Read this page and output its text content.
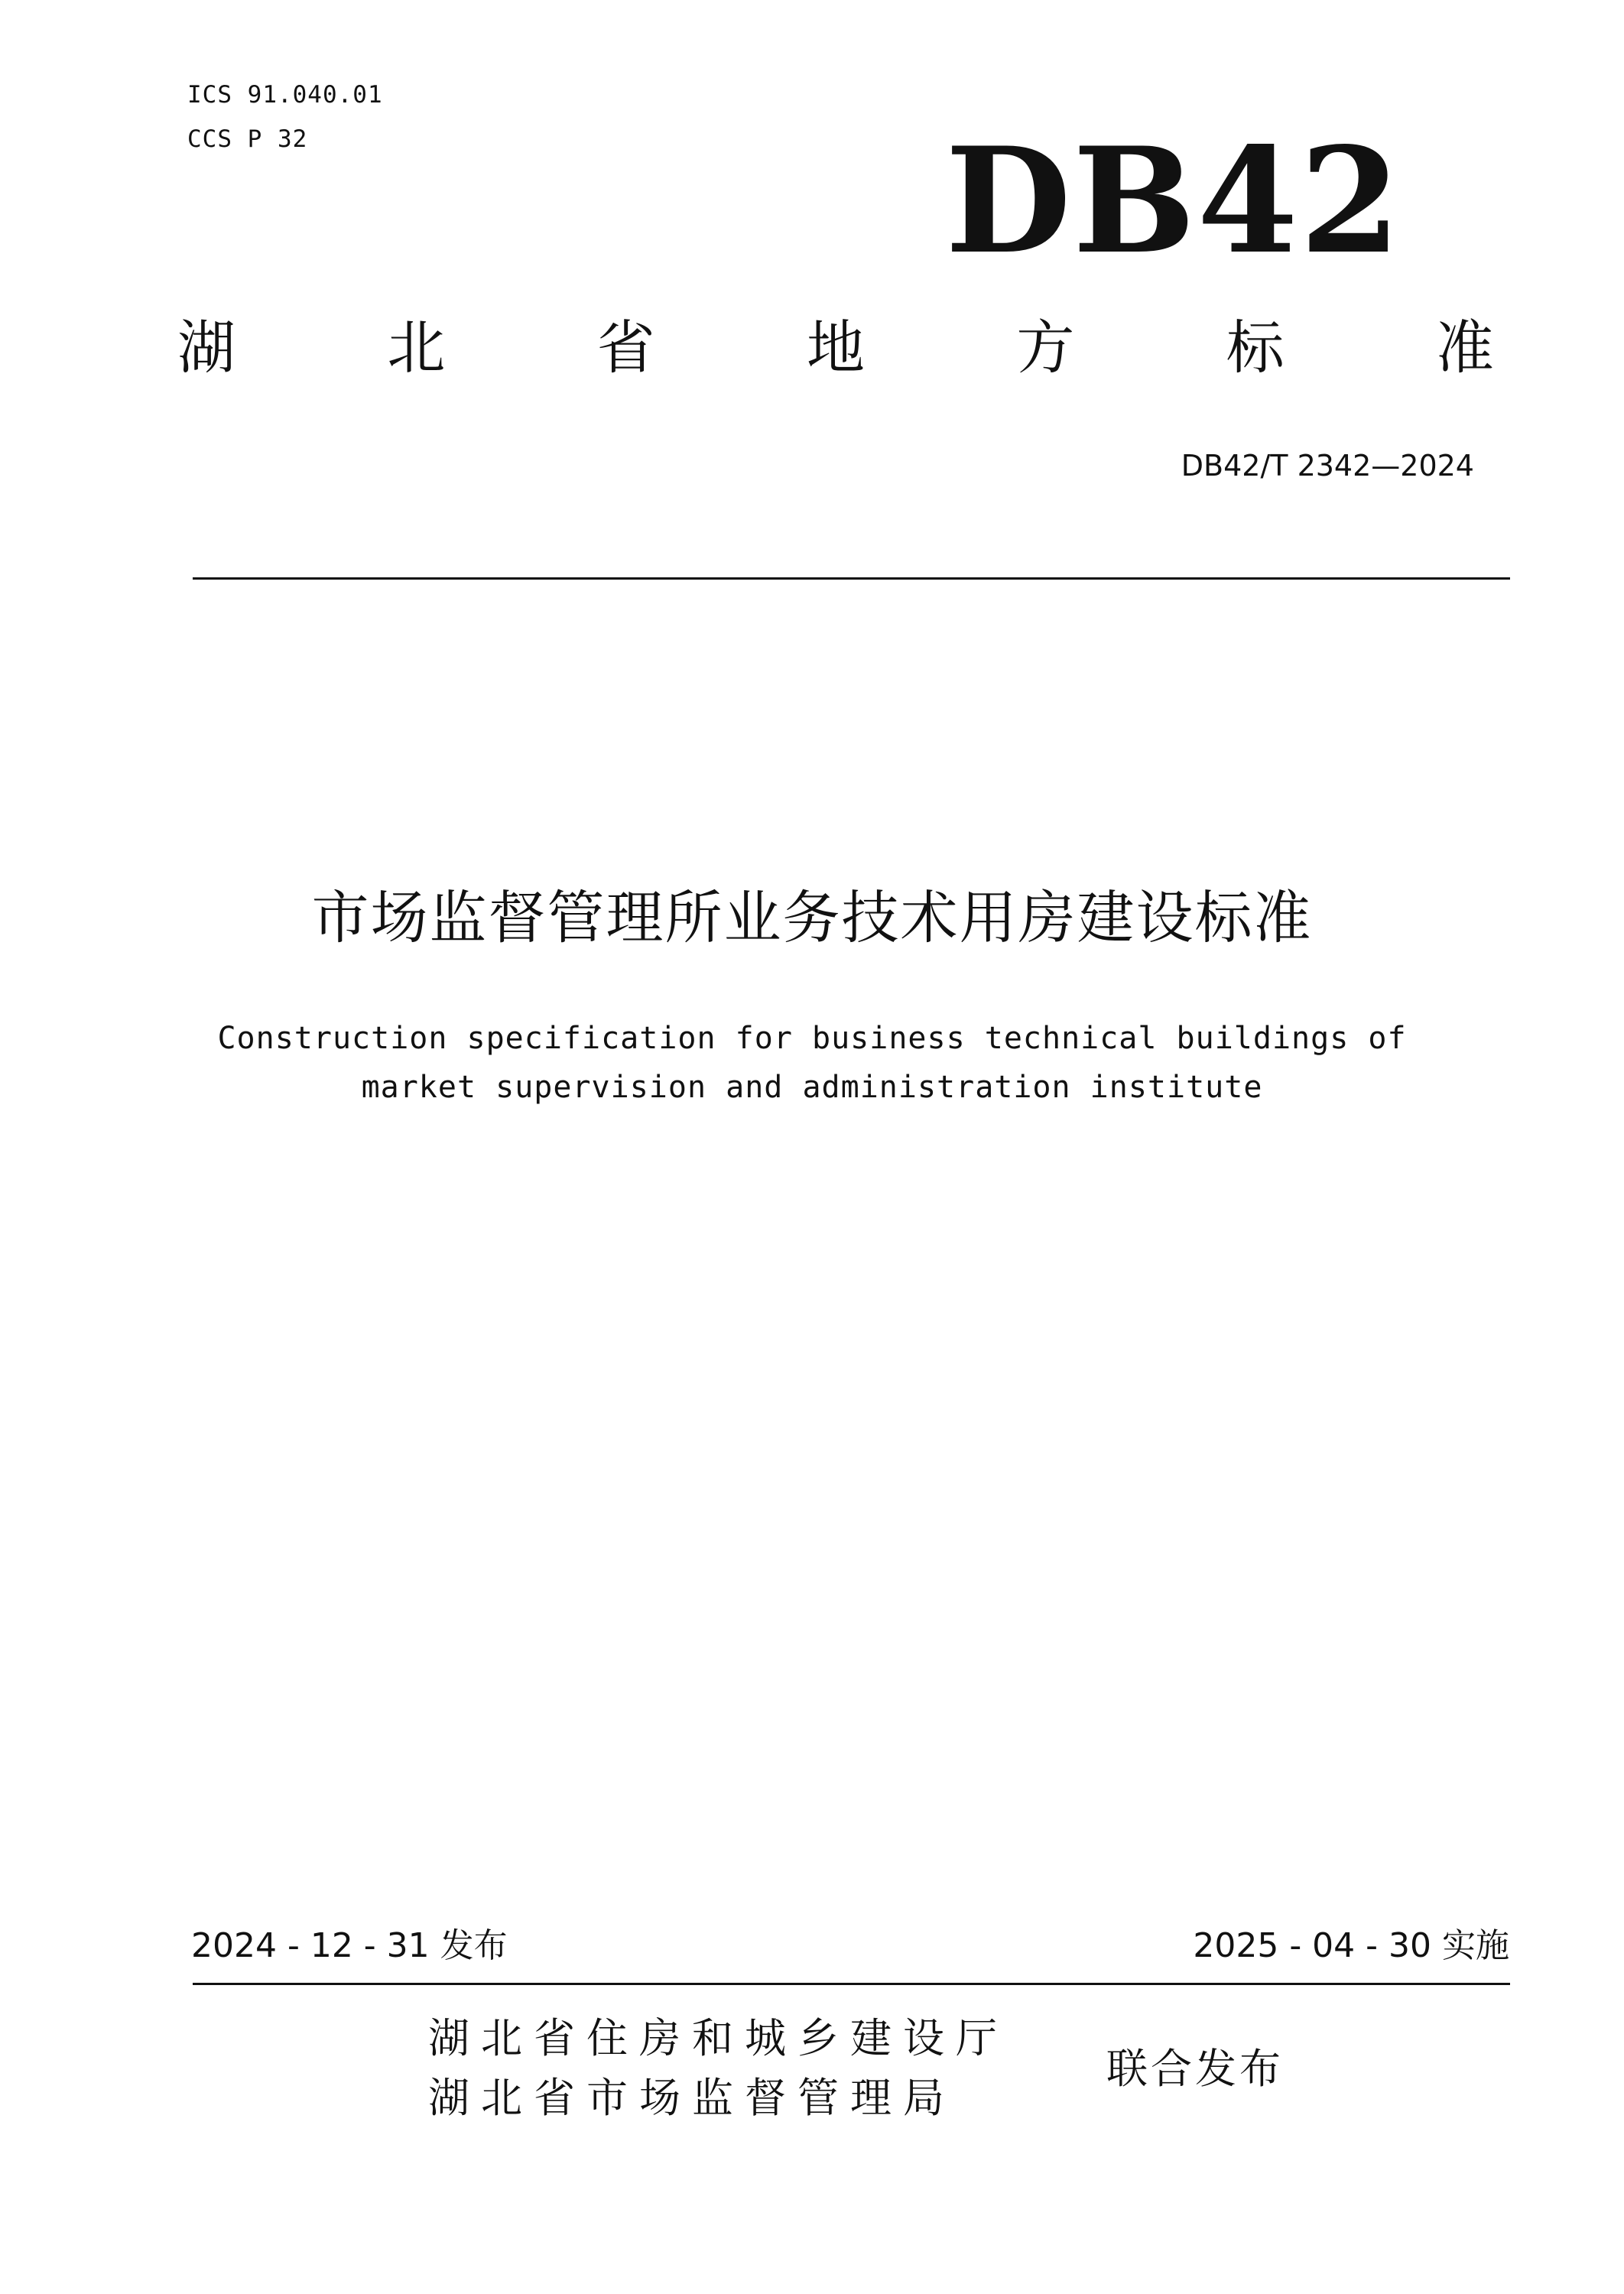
ICS 91.040.01
CCS P 32	DB42
湖	北	省	地	方	标	准
DB42/T 2342—2024
市场监督管理所业务技术用房建设标准
Construction specification for business technical buildings of
market supervision and administration institute
2024 - 12 - 31 发布	2025 - 04 - 30 实施
湖北省住房和城乡建设厅
湖北省市场监督管理局
联合发布
